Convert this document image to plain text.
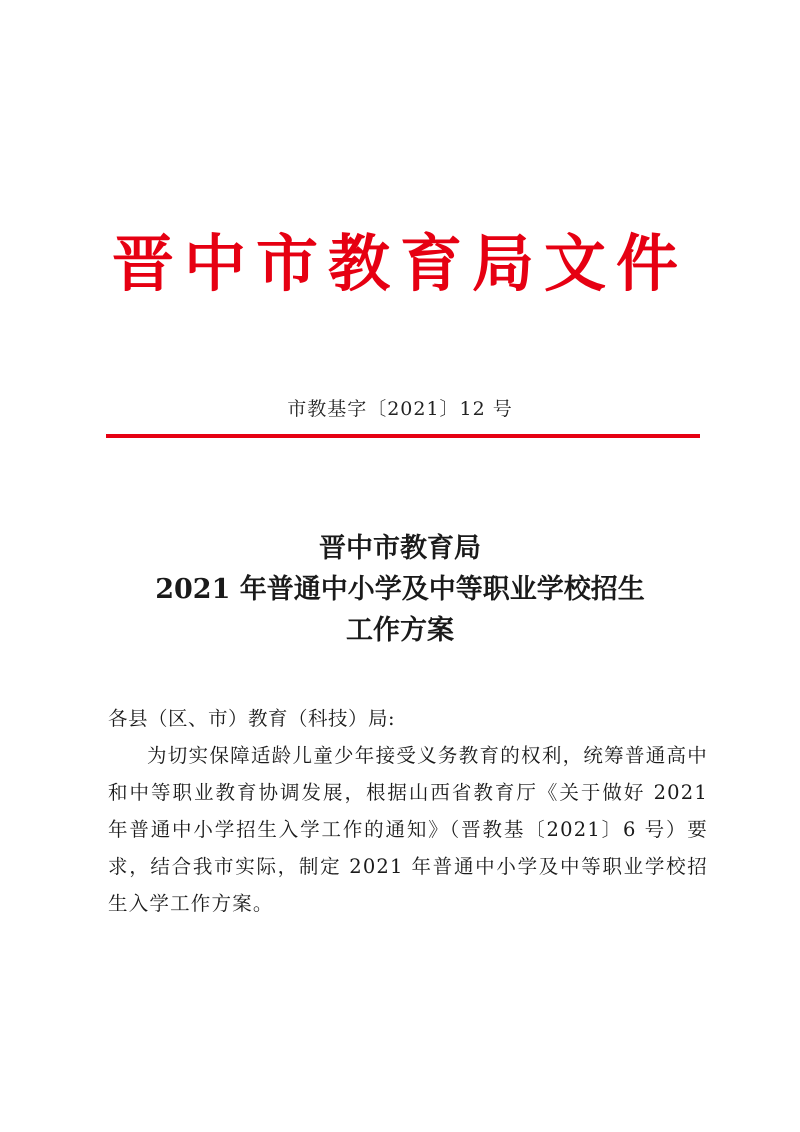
晋中市教育局文件
市教基字〔2021〕12 号
晋中市教育局
2021 年普通中小学及中等职业学校招生
工作方案
各县（区、市）教育（科技）局:
为切实保障适龄儿童少年接受义务教育的权利，统筹普通高中和中等职业教育协调发展，根据山西省教育厅《关于做好 2021 年普通中小学招生入学工作的通知》（晋教基〔2021〕6 号）要求，结合我市实际，制定 2021 年普通中小学及中等职业学校招生入学工作方案。
